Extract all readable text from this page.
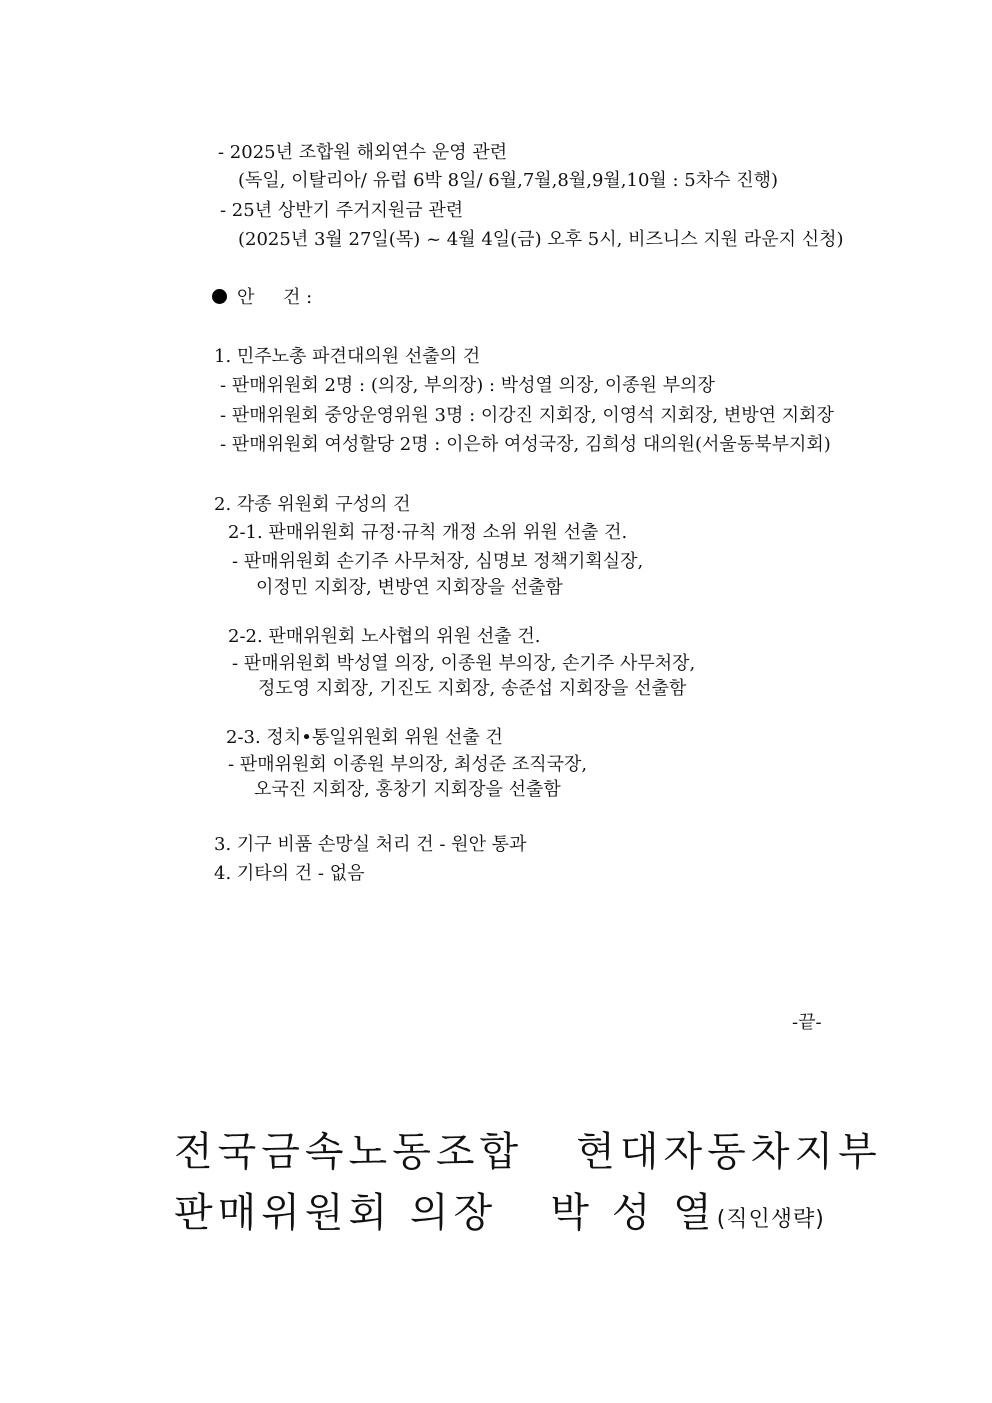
- 2025년 조합원 해외연수 운영 관련
(독일, 이탈리아/ 유럽 6박 8일/ 6월,7월,8월,9월,10월 : 5차수 진행)
- 25년 상반기 주거지원금 관련
(2025년 3월 27일(목) ~ 4월 4일(금) 오후 5시, 비즈니스 지원 라운지 신청)
안     건 :
1. 민주노총 파견대의원 선출의 건
- 판매위원회 2명 : (의장, 부의장) : 박성열 의장, 이종원 부의장
- 판매위원회 중앙운영위원 3명 : 이강진 지회장, 이영석 지회장, 변방연 지회장
- 판매위원회 여성할당 2명 : 이은하 여성국장, 김희성 대의원(서울동북부지회)
2. 각종 위원회 구성의 건
2-1. 판매위원회 규정·규칙 개정 소위 위원 선출 건.
- 판매위원회 손기주 사무처장, 심명보 정책기획실장,
이정민 지회장, 변방연 지회장을 선출함
2-2. 판매위원회 노사협의 위원 선출 건.
- 판매위원회 박성열 의장, 이종원 부의장, 손기주 사무처장,
정도영 지회장, 기진도 지회장, 송준섭 지회장을 선출함
2-3. 정치•통일위원회 위원 선출 건
- 판매위원회 이종원 부의장, 최성준 조직국장,
오국진 지회장, 홍창기 지회장을 선출함
3. 기구 비품 손망실 처리 건 - 원안 통과
4. 기타의 건 - 없음
-끝-
전국금속노동조합   현대자동차지부
판매위원회 의장   박 성 열(직인생략)
